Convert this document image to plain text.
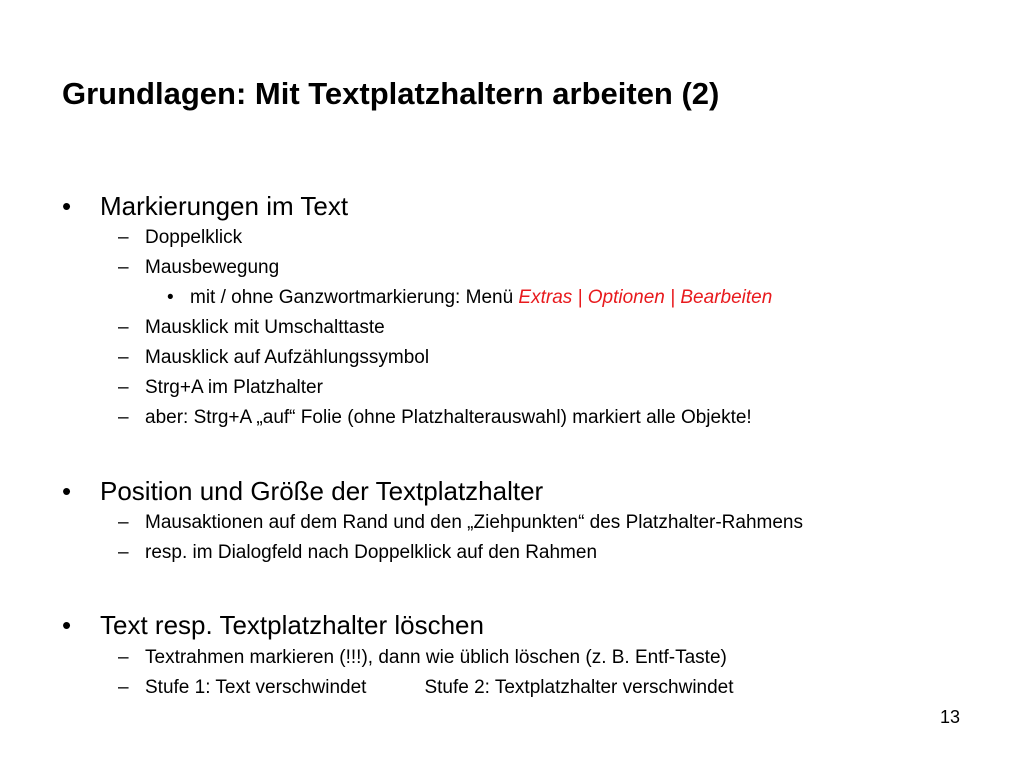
Grundlagen: Mit Textplatzhaltern arbeiten (2)
• Markierungen im Text
– Doppelklick
– Mausbewegung
• mit / ohne Ganzwortmarkierung: Menü Extras | Optionen | Bearbeiten
– Mausklick mit Umschalttaste
– Mausklick auf Aufzählungssymbol
– Strg+A im Platzhalter
– aber: Strg+A „auf“ Folie (ohne Platzhalterauswahl) markiert alle Objekte!
• Position und Größe der Textplatzhalter
– Mausaktionen auf dem Rand und den „Ziehpunkten“ des Platzhalter-Rahmens
– resp. im Dialogfeld nach Doppelklick auf den Rahmen
• Text resp. Textplatzhalter löschen
– Textrahmen markieren (!!!), dann wie üblich löschen (z. B. Entf-Taste)
– Stufe 1: Text verschwindet	Stufe 2: Textplatzhalter verschwindet
13
